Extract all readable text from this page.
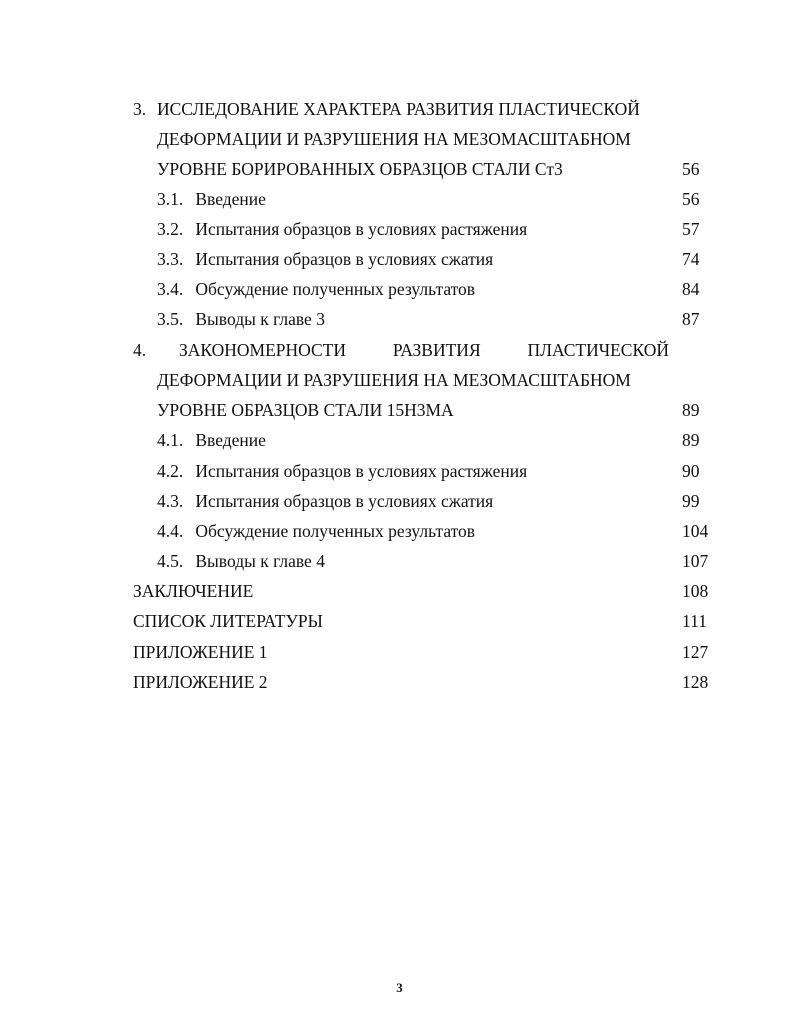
3. ИССЛЕДОВАНИЕ ХАРАКТЕРА РАЗВИТИЯ ПЛАСТИЧЕСКОЙ
ДЕФОРМАЦИИ И РАЗРУШЕНИЯ НА МЕЗОМАСШТАБНОМ
УРОВНЕ БОРИРОВАННЫХ ОБРАЗЦОВ СТАЛИ Ст3	56
3.1. Введение	56
3.2. Испытания образцов в условиях растяжения	57
3.3. Испытания образцов в условиях сжатия	74
3.4. Обсуждение полученных результатов	84
3.5. Выводы к главе 3	87
4. ЗАКОНОМЕРНОСТИ	РАЗВИТИЯ	ПЛАСТИЧЕСКОЙ
ДЕФОРМАЦИИ И РАЗРУШЕНИЯ НА МЕЗОМАСШТАБНОМ
УРОВНЕ ОБРАЗЦОВ СТАЛИ 15Н3МА	89
4.1. Введение	89
4.2. Испытания образцов в условиях растяжения	90
4.3. Испытания образцов в условиях сжатия	99
4.4. Обсуждение полученных результатов	104
4.5. Выводы к главе 4	107
ЗАКЛЮЧЕНИЕ	108
СПИСОК ЛИТЕРАТУРЫ	111
ПРИЛОЖЕНИЕ 1	127
ПРИЛОЖЕНИЕ 2	128
3
